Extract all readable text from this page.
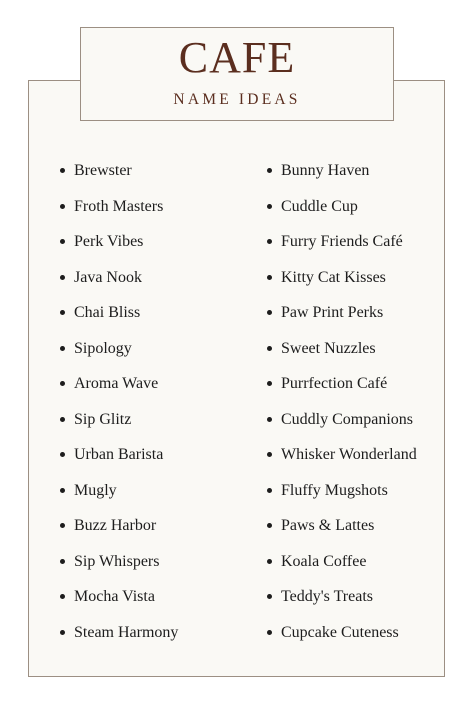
CAFE
NAME IDEAS
Brewster
Froth Masters
Perk Vibes
Java Nook
Chai Bliss
Sipology
Aroma Wave
Sip Glitz
Urban Barista
Mugly
Buzz Harbor
Sip Whispers
Mocha Vista
Steam Harmony
Bunny Haven
Cuddle Cup
Furry Friends Café
Kitty Cat Kisses
Paw Print Perks
Sweet Nuzzles
Purrfection Café
Cuddly Companions
Whisker Wonderland
Fluffy Mugshots
Paws & Lattes
Koala Coffee
Teddy's Treats
Cupcake Cuteness
